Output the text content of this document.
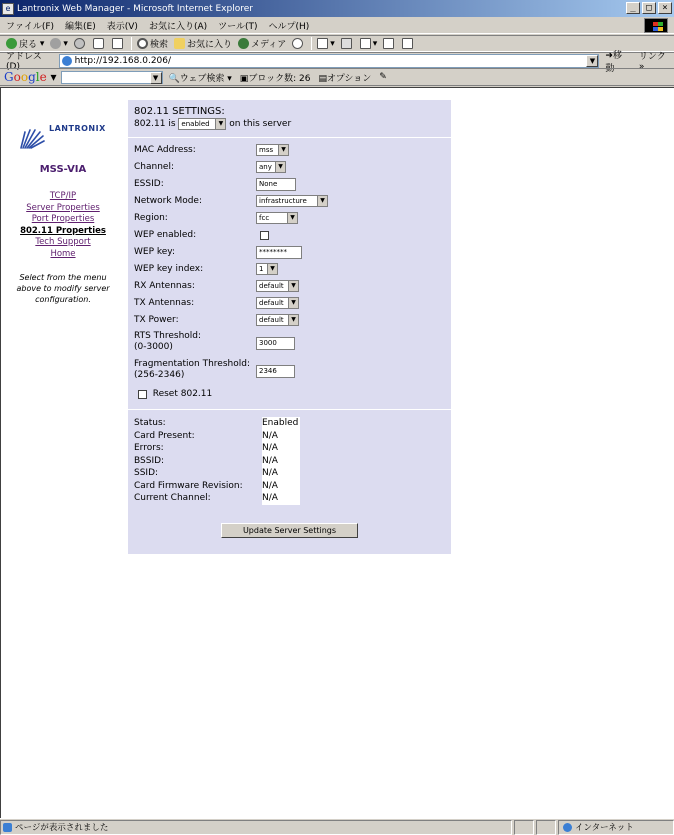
e Lantronix Web Manager - Microsoft Internet Explorer	_	□	×
ファイル(F) 編集(E) 表示(V) お気に入り(A) ツール(T) ヘルプ(H)
戻る ▾	▾	検索 お気に入り メディア	▾	▾
アドレス(D)
http://192.168.0.206/	▼	➜移動
リンク »
Google ▾	▼	🔍ウェブ検索 ▾ ▣ブロック数: 26 ▤オプション ✎
LANTRONIX
MSS-VIA
TCP/IP
Server Properties
Port Properties
802.11 Properties
Tech Support
Home
Select from the menu above to modify server configuration.
802.11 SETTINGS:
802.11 is
enabled	▼
on this server
MAC Address:	mss	▼
Channel:	any	▼
ESSID:	None
Network Mode:	infrastructure	▼
Region:	fcc	▼
WEP enabled:
WEP key:	********
WEP key index:	1	▼
RX Antennas:	default	▼
TX Antennas:	default	▼
TX Power:	default	▼
RTS Threshold:
(0-3000)	3000
Fragmentation Threshold:
(256-2346)	2346

Reset 802.11
Status:	Enabled
Card Present:	N/A
Errors:	N/A
BSSID:	N/A
SSID:	N/A
Card Firmware Revision: N/A
Current Channel:	N/A
Update Server Settings
ページが表示されました	インターネット
